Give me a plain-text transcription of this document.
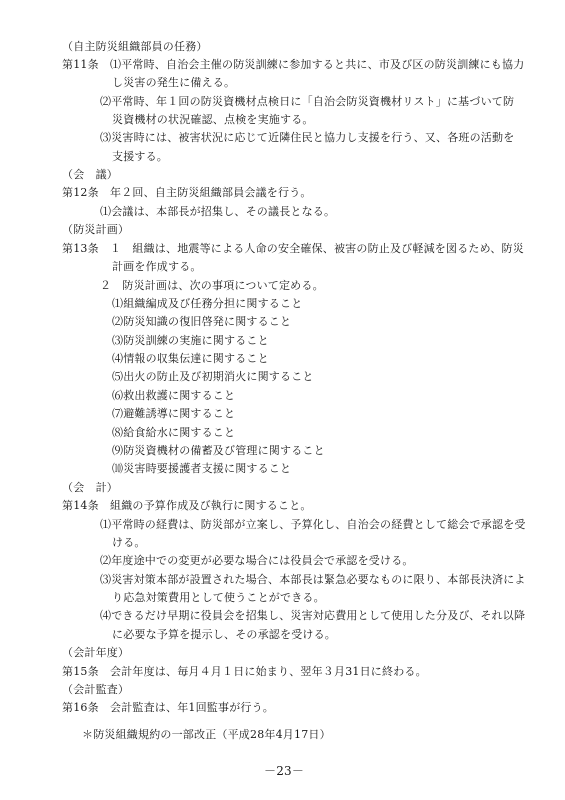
（自主防災組織部員の任務）
第11条　⑴平常時、自治会主催の防災訓練に参加すると共に、市及び区の防災訓練にも協力
し災害の発生に備える。
⑵平常時、年１回の防災資機材点検日に「自治会防災資機材リスト」に基づいて防
災資機材の状況確認、点検を実施する。
⑶災害時には、被害状況に応じて近隣住民と協力し支援を行う、又、各班の活動を
支援する。
（会　議）
第12条　年２回、自主防災組織部員会議を行う。
⑴会議は、本部長が招集し、その議長となる。
（防災計画）
第13条　１　組織は、地震等による人命の安全確保、被害の防止及び軽減を図るため、防災
計画を作成する。
２　防災計画は、次の事項について定める。
⑴組織編成及び任務分担に関すること
⑵防災知識の復旧啓発に関すること
⑶防災訓練の実施に関すること
⑷情報の収集伝達に関すること
⑸出火の防止及び初期消火に関すること
⑹救出救護に関すること
⑺避難誘導に関すること
⑻給食給水に関すること
⑼防災資機材の備蓄及び管理に関すること
⑽災害時要援護者支援に関すること
（会　計）
第14条　組織の予算作成及び執行に関すること。
⑴平常時の経費は、防災部が立案し、予算化し、自治会の経費として総会で承認を受
ける。
⑵年度途中での変更が必要な場合には役員会で承認を受ける。
⑶災害対策本部が設置された場合、本部長は緊急必要なものに限り、本部長決済によ
り応急対策費用として使うことができる。
⑷できるだけ早期に役員会を招集し、災害対応費用として使用した分及び、それ以降
に必要な予算を提示し、その承認を受ける。
（会計年度）
第15条　会計年度は、毎月４月１日に始まり、翌年３月31日に終わる。
（会計監査）
第16条　会計監査は、年1回監事が行う。
＊防災組織規約の一部改正（平成28年4月17日）
－23－
